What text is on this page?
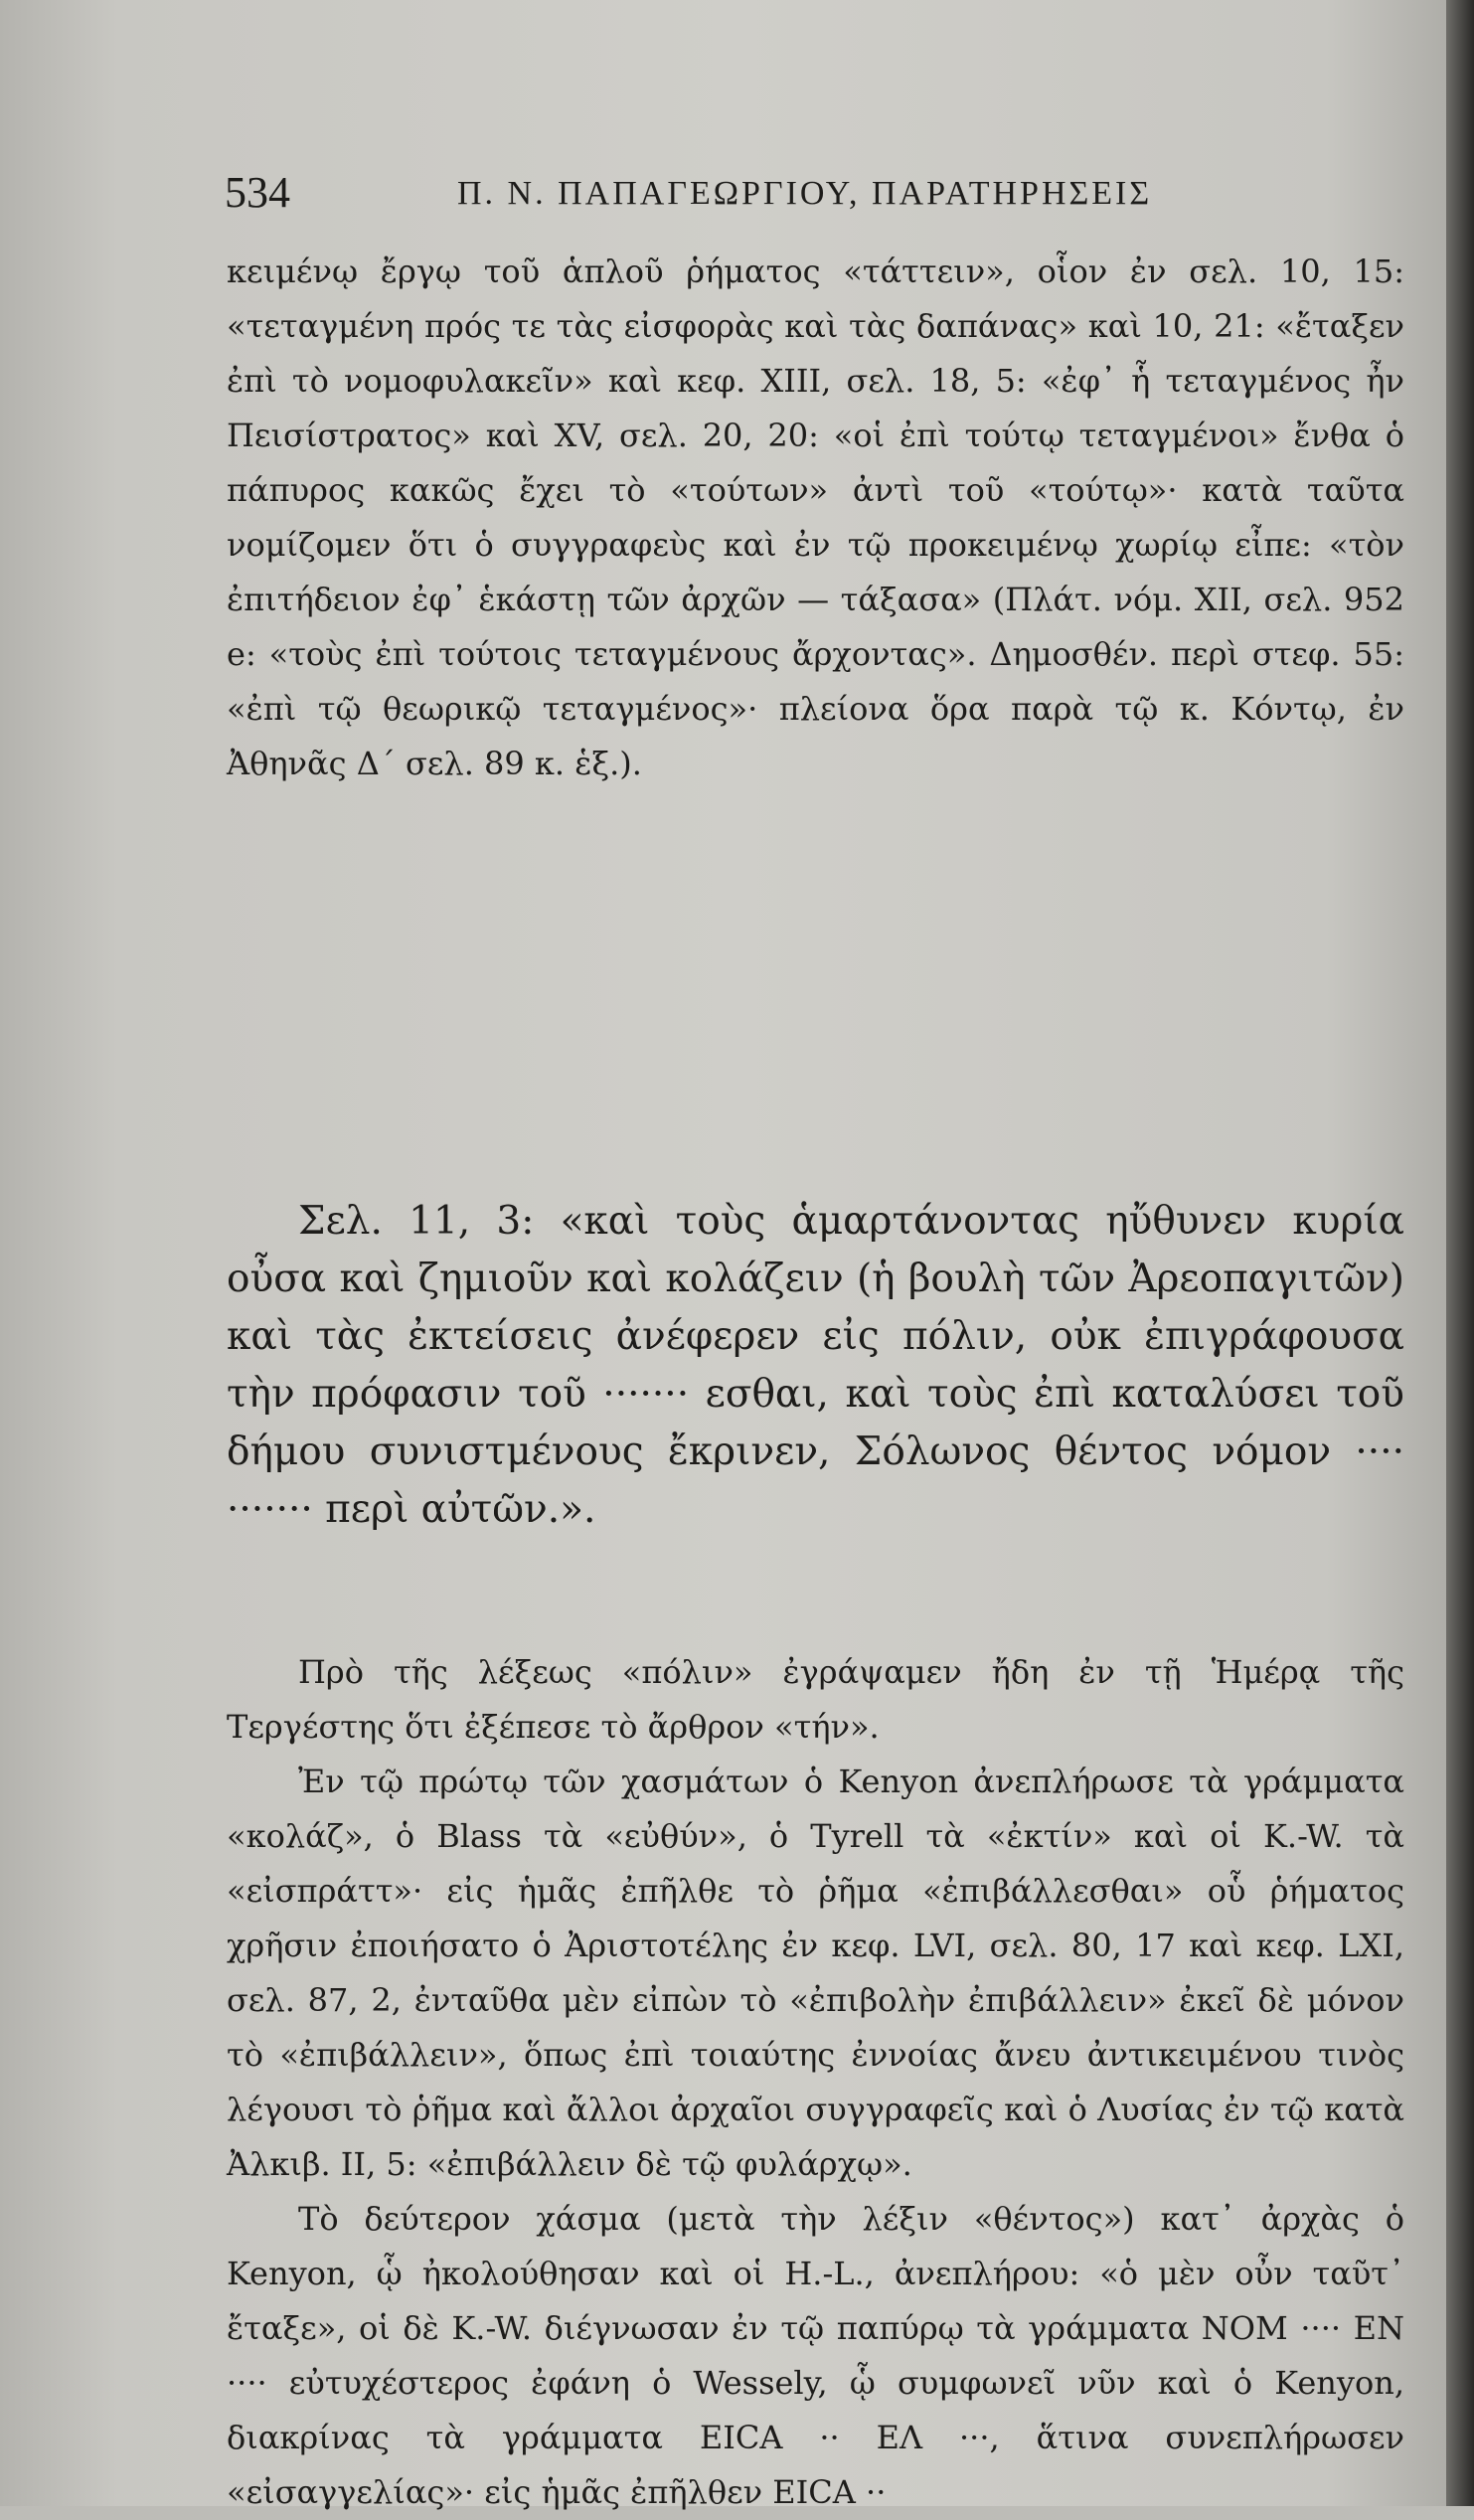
534	Π. Ν. ΠΑΠΑΓΕΩΡΓΙΟΥ, ΠΑΡΑΤΗΡΗΣΕΙΣ

κειμένῳ ἔργῳ τοῦ ἁπλοῦ ῥήματος «τάττειν», οἷον ἐν σελ. 10, 15: «τεταγμένη πρός τε τὰς εἰσφορὰς καὶ τὰς δαπάνας» καὶ 10, 21: «ἔταξεν ἐπὶ τὸ νομοφυλακεῖν» καὶ κεφ. XIII, σελ. 18, 5: «ἐφ᾽ ἧ τεταγμένος ἦν Πεισίστρατος» καὶ XV, σελ. 20, 20: «οἱ ἐπὶ τούτῳ τεταγμένοι» ἔνθα ὁ πάπυρος κακῶς ἔχει τὸ «τούτων» ἀντὶ τοῦ «τούτῳ»· κατὰ ταῦτα νομίζομεν ὅτι ὁ συγγραφεὺς καὶ ἐν τῷ προκειμένῳ χωρίῳ εἶπε: «τὸν ἐπιτήδειον ἐφ᾽ ἑκάστῃ τῶν ἀρχῶν — τάξασα» (Πλάτ. νόμ. XII, σελ. 952 e: «τοὺς ἐπὶ τούτοις τεταγμένους ἄρχοντας». Δημοσθέν. περὶ στεφ. 55: «ἐπὶ τῷ θεωρικῷ τεταγμένος»· πλείονα ὅρα παρὰ τῷ κ. Κόντῳ, ἐν Ἀθηνᾶς Δ΄ σελ. 89 κ. ἑξ.).

Σελ. 11, 3: «καὶ τοὺς ἁμαρτάνοντας ηὔθυνεν κυρία οὖσα καὶ ζημιοῦν καὶ κολάζειν (ἡ βουλὴ τῶν Ἀρεοπαγιτῶν) καὶ τὰς ἐκτείσεις ἀνέφερεν εἰς πόλιν, οὐκ ἐπιγράφουσα τὴν πρόφασιν τοῦ ······· εσθαι, καὶ τοὺς ἐπὶ καταλύσει τοῦ δήμου συνιστμένους ἔκρινεν, Σόλωνος θέντος νόμον ···· ······· περὶ αὐτῶν.».

Πρὸ τῆς λέξεως «πόλιν» ἐγράψαμεν ἤδη ἐν τῇ Ἡμέρᾳ τῆς Τεργέστης ὅτι ἐξέπεσε τὸ ἄρθρον «τήν».

Ἐν τῷ πρώτῳ τῶν χασμάτων ὁ Kenyon ἀνεπλήρωσε τὰ γράμματα «κολάζ», ὁ Blass τὰ «εὐθύν», ὁ Tyrell τὰ «ἐκτίν» καὶ οἱ K.-W. τὰ «εἰσπράττ»· εἰς ἡμᾶς ἐπῆλθε τὸ ῥῆμα «ἐπιβάλλεσθαι» οὗ ῥήματος χρῆσιν ἐποιήσατο ὁ Ἀριστοτέλης ἐν κεφ. LVI, σελ. 80, 17 καὶ κεφ. LXI, σελ. 87, 2, ἐνταῦθα μὲν εἰπὼν τὸ «ἐπιβολὴν ἐπιβάλλειν» ἐκεῖ δὲ μόνον τὸ «ἐπιβάλλειν», ὅπως ἐπὶ τοιαύτης ἐννοίας ἄνευ ἀντικειμένου τινὸς λέγουσι τὸ ῥῆμα καὶ ἄλλοι ἀρχαῖοι συγγραφεῖς καὶ ὁ Λυσίας ἐν τῷ κατὰ Ἀλκιβ. II, 5: «ἐπιβάλλειν δὲ τῷ φυλάρχῳ».

Τὸ δεύτερον χάσμα (μετὰ τὴν λέξιν «θέντος») κατ᾽ ἀρχὰς ὁ Kenyon, ᾧ ἠκολούθησαν καὶ οἱ H.-L., ἀνεπλήρου: «ὁ μὲν οὖν ταῦτ᾽ ἔταξε», οἱ δὲ K.-W. διέγνωσαν ἐν τῷ παπύρῳ τὰ γράμματα ΝΟΜ ···· ΕΝ ···· εὐτυχέστερος ἐφάνη ὁ Wessely, ᾧ συμφωνεῖ νῦν καὶ ὁ Kenyon, διακρίνας τὰ γράμματα ΕΙCΑ ·· ΕΛ ···, ἅτινα συνεπλήρωσεν «εἰσαγγελίας»· εἰς ἡμᾶς ἐπῆλθεν ΕΙCΑ ··
